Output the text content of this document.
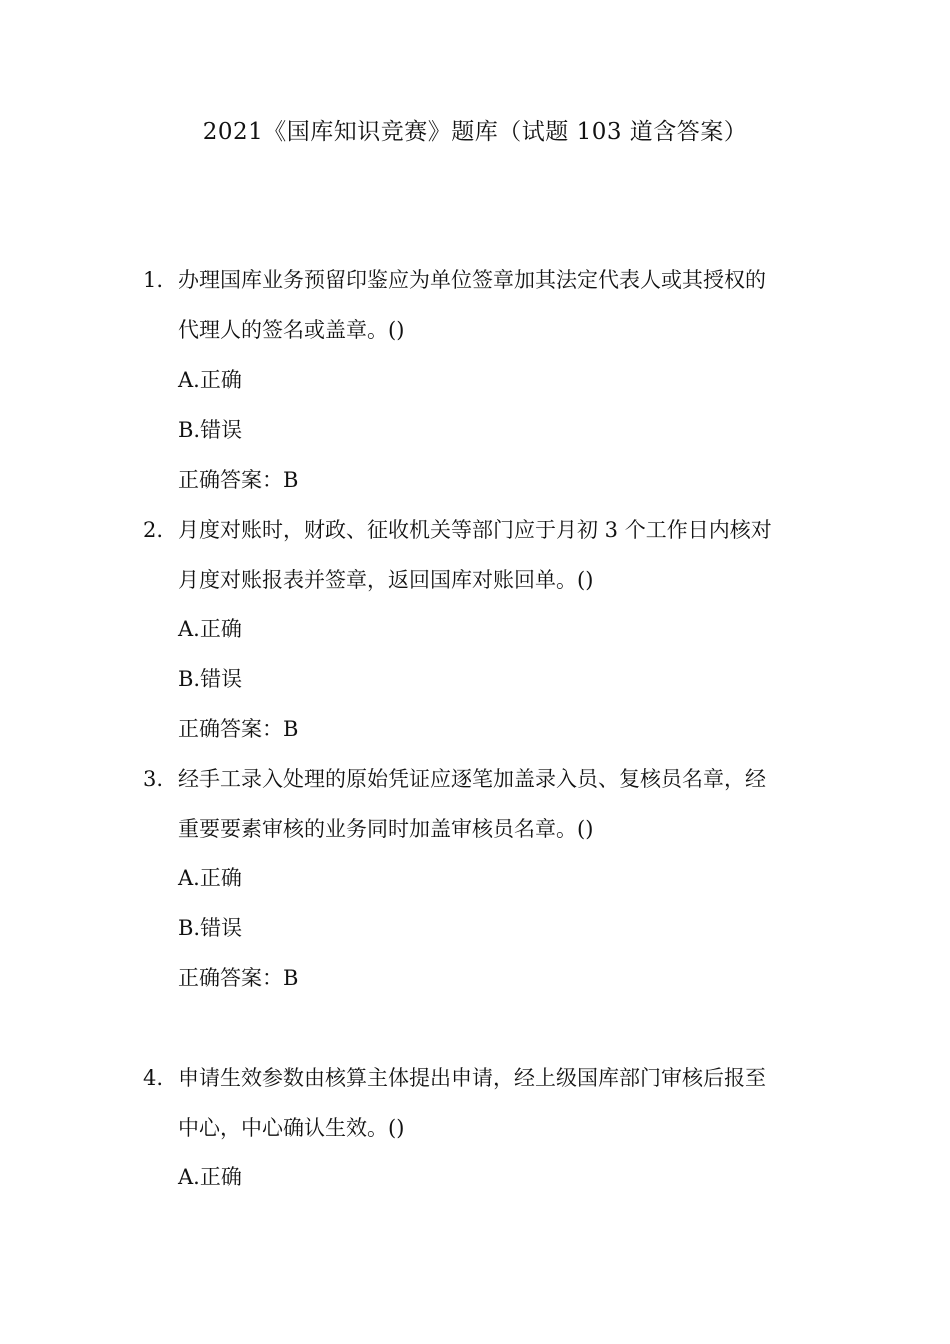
2021《国库知识竞赛》题库（试题 103 道含答案）
1. 办理国库业务预留印鉴应为单位签章加其法定代表人或其授权的
代理人的签名或盖章。()
A.正确
B.错误
正确答案：B
2. 月度对账时，财政、征收机关等部门应于月初 3 个工作日内核对
月度对账报表并签章，返回国库对账回单。()
A.正确
B.错误
正确答案：B
3. 经手工录入处理的原始凭证应逐笔加盖录入员、复核员名章，经
重要要素审核的业务同时加盖审核员名章。()
A.正确
B.错误
正确答案：B
4. 申请生效参数由核算主体提出申请，经上级国库部门审核后报至
中心，中心确认生效。()
A.正确
